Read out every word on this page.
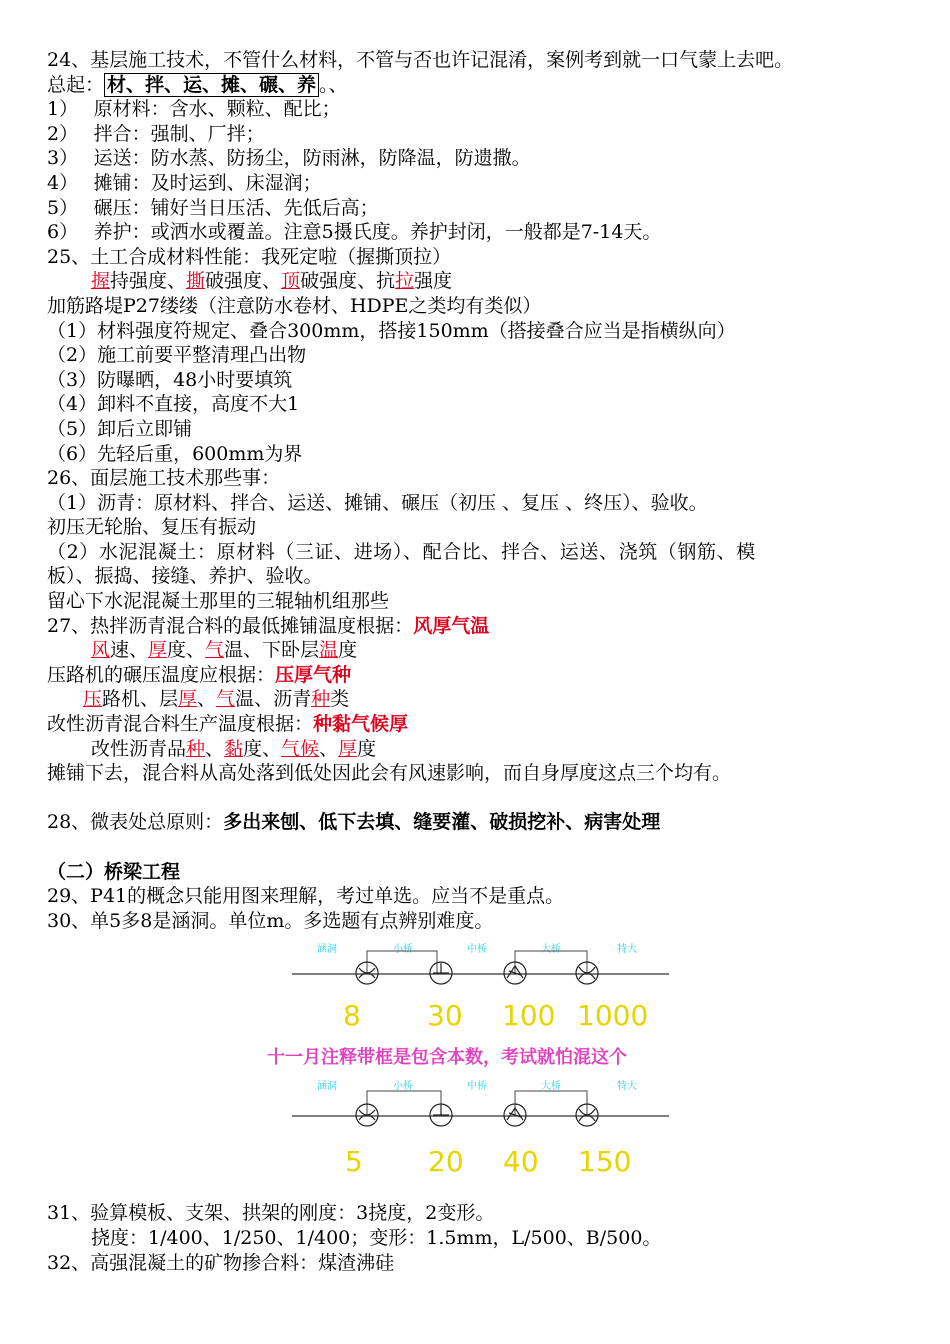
24、基层施工技术，不管什么材料，不管与否也许记混淆，案例考到就一口气蒙上去吧。
总起： 材、拌、运、摊、碾、养 。、
1）　 原材料：含水、颗粒、配比；
2）　 拌合：强制、厂拌；
3）　 运送：防水蒸、防扬尘，防雨淋，防降温，防遗撒。
4）　 摊铺：及时运到、床湿润；
5）　 碾压：铺好当日压活、先低后高；
6）　 养护：或洒水或覆盖。注意5摄氏度。养护封闭，一般都是7-14天。
25、土工合成材料性能：我死定啦（握撕顶拉）
握持强度、撕破强度、顶破强度、抗拉强度
加筋路堤P27缕缕（注意防水卷材、HDPE之类均有类似）
（1）材料强度符规定、叠合300mm，搭接150mm（搭接叠合应当是指横纵向）
（2）施工前要平整清理凸出物
（3）防曝晒，48小时要填筑
（4）卸料不直接，高度不大1
（5）卸后立即铺
（6）先轻后重，600mm为界
26、面层施工技术那些事：
（1）沥青：原材料、拌合、运送、摊铺、碾压（初压 、复压 、终压）、验收。
初压无轮胎、复压有振动
（2）水泥混凝土：原材料（三证、进场）、配合比、拌合、运送、浇筑（钢筋、模
板）、振捣、接缝、养护、验收。
留心下水泥混凝土那里的三辊轴机组那些
27、热拌沥青混合料的最低摊铺温度根据：风厚气温
风速、厚度、气温、下卧层温度
压路机的碾压温度应根据：压厚气种
压路机、层厚、气温、沥青种类
改性沥青混合料生产温度根据：种黏气候厚
改性沥青品种、黏度、气候、厚度
摊铺下去，混合料从高处落到低处因此会有风速影响，而自身厚度这点三个均有。
28、微表处总原则：多出来刨、低下去填、缝要灌、破损挖补、病害处理
（二）桥梁工程
29、P41的概念只能用图来理解，考过单选。应当不是重点。
30、单5多8是涵洞。单位m。多选题有点辨别难度。
涵洞	小桥	中桥	大桥	特大
8 30 100 1000
十一月注释带框是包含本数，考试就怕混这个
涵洞	小桥	中桥	大桥	特大
5 20 40 150
31、验算模板、支架、拱架的刚度：3挠度，2变形。
挠度：1/400、1/250、1/400；变形：1.5mm，L/500、B/500。
32、高强混凝土的矿物掺合料：煤渣沸硅
